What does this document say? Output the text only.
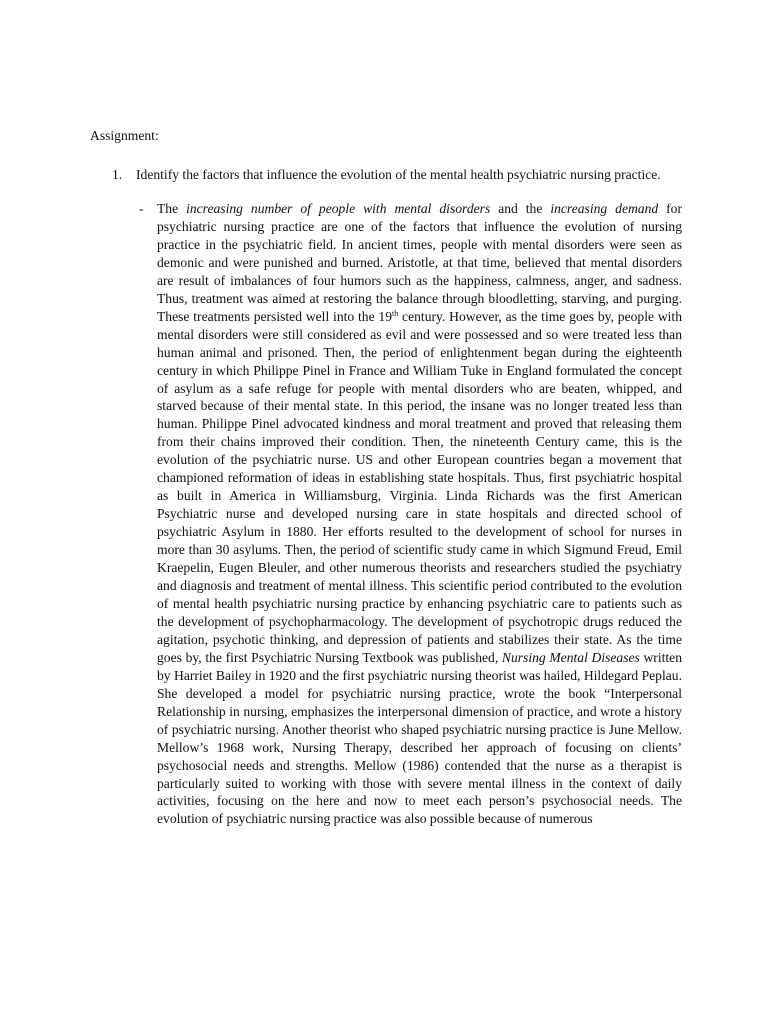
Assignment:
1. Identify the factors that influence the evolution of the mental health psychiatric nursing practice.
- The increasing number of people with mental disorders and the increasing demand for psychiatric nursing practice are one of the factors that influence the evolution of nursing practice in the psychiatric field. In ancient times, people with mental disorders were seen as demonic and were punished and burned. Aristotle, at that time, believed that mental disorders are result of imbalances of four humors such as the happiness, calmness, anger, and sadness. Thus, treatment was aimed at restoring the balance through bloodletting, starving, and purging. These treatments persisted well into the 19th century. However, as the time goes by, people with mental disorders were still considered as evil and were possessed and so were treated less than human animal and prisoned. Then, the period of enlightenment began during the eighteenth century in which Philippe Pinel in France and William Tuke in England formulated the concept of asylum as a safe refuge for people with mental disorders who are beaten, whipped, and starved because of their mental state. In this period, the insane was no longer treated less than human. Philippe Pinel advocated kindness and moral treatment and proved that releasing them from their chains improved their condition. Then, the nineteenth Century came, this is the evolution of the psychiatric nurse. US and other European countries began a movement that championed reformation of ideas in establishing state hospitals. Thus, first psychiatric hospital as built in America in Williamsburg, Virginia. Linda Richards was the first American Psychiatric nurse and developed nursing care in state hospitals and directed school of psychiatric Asylum in 1880. Her efforts resulted to the development of school for nurses in more than 30 asylums. Then, the period of scientific study came in which Sigmund Freud, Emil Kraepelin, Eugen Bleuler, and other numerous theorists and researchers studied the psychiatry and diagnosis and treatment of mental illness. This scientific period contributed to the evolution of mental health psychiatric nursing practice by enhancing psychiatric care to patients such as the development of psychopharmacology. The development of psychotropic drugs reduced the agitation, psychotic thinking, and depression of patients and stabilizes their state. As the time goes by, the first Psychiatric Nursing Textbook was published, Nursing Mental Diseases written by Harriet Bailey in 1920 and the first psychiatric nursing theorist was hailed, Hildegard Peplau. She developed a model for psychiatric nursing practice, wrote the book “Interpersonal Relationship in nursing, emphasizes the interpersonal dimension of practice, and wrote a history of psychiatric nursing. Another theorist who shaped psychiatric nursing practice is June Mellow. Mellow’s 1968 work, Nursing Therapy, described her approach of focusing on clients’ psychosocial needs and strengths. Mellow (1986) contended that the nurse as a therapist is particularly suited to working with those with severe mental illness in the context of daily activities, focusing on the here and now to meet each person’s psychosocial needs. The evolution of psychiatric nursing practice was also possible because of numerous
